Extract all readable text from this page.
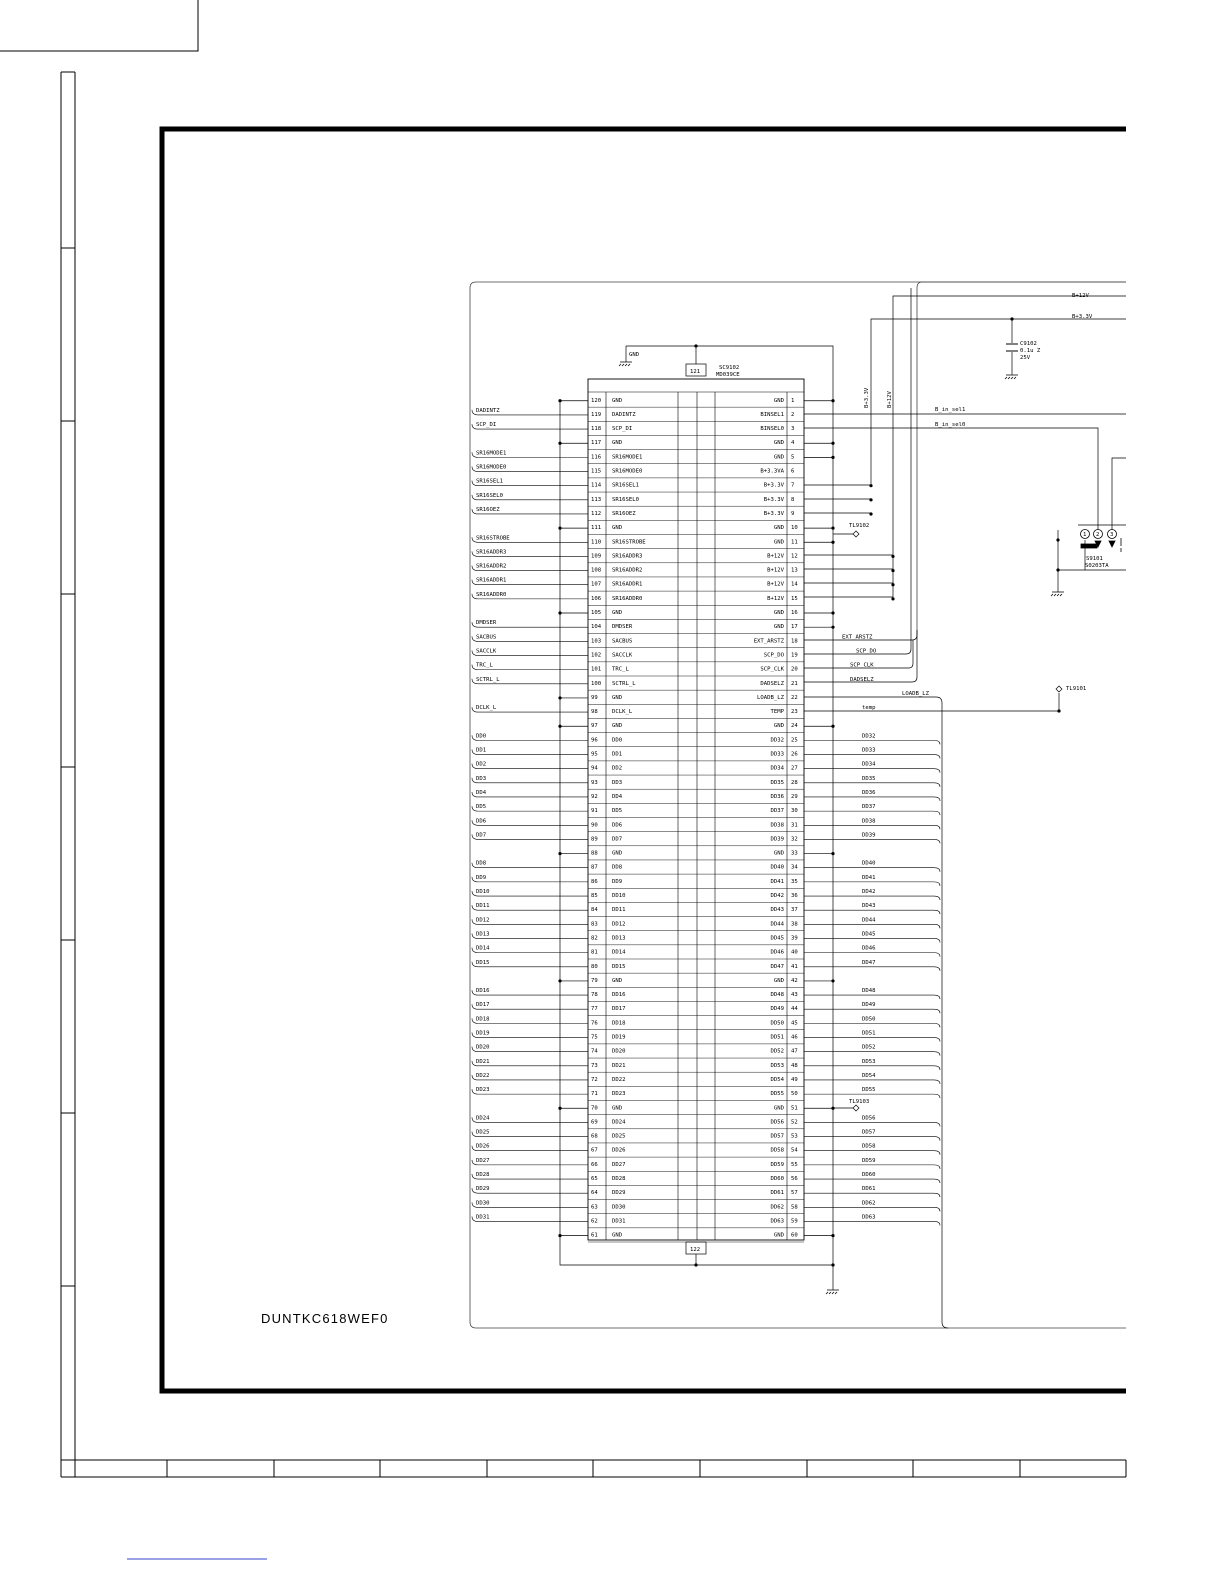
121
122
SC9102
MD039CE
120 GND	GND 1
119 DADINTZ	BINSEL1 2
118 SCP_DI	BINSEL0 3
117 GND	GND 4
116 SR16MODE1	GND 5
115 SR16MODE0	B+3.3VA 6
114 SR16SEL1	B+3.3V 7
113 SR16SEL0	B+3.3V 8
112 SR16OEZ	B+3.3V 9
111 GND	GND 10
110 SR16STROBE	GND 11
109 SR16ADDR3	B+12V 12
108 SR16ADDR2	B+12V 13
107 SR16ADDR1	B+12V 14
106 SR16ADDR0	B+12V 15
105 GND	GND 16
104 DMDSER	GND 17
103 SACBUS	EXT_ARSTZ 18
102 SACCLK	SCP_DO 19
101 TRC_L	SCP_CLK 20
100 SCTRL_L	DADSELZ 21
99	GND	LOADB_LZ 22
98	DCLK_L	TEMP 23
97	GND	GND 24
96	DD0	DD32 25
95	DD1	DD33 26
94	DD2	DD34 27
93	DD3	DD35 28
92	DD4	DD36 29
91	DD5	DD37 30
90	DD6	DD38 31
89	DD7	DD39 32
88	GND	GND 33
87	DD8	DD40 34
86	DD9	DD41 35
85	DD10	DD42 36
84	DD11	DD43 37
83	DD12	DD44 38
82	DD13	DD45 39
81	DD14	DD46 40
80	DD15	DD47 41
79	GND	GND 42
78	DD16	DD48 43
77	DD17	DD49 44
76	DD18	DD50 45
75	DD19	DD51 46
74	DD20	DD52 47
73	DD21	DD53 48
72	DD22	DD54 49
71	DD23	DD55 50
70	GND	GND 51
69	DD24	DD56 52
68	DD25	DD57 53
67	DD26	DD58 54
66	DD27	DD59 55
65	DD28	DD60 56
64	DD29	DD61 57
63	DD30	DD62 58
62	DD31	DD63 59
61	GND	GND 60
GND
C9102
0.1u Z
25V
1 2 3
S9101
S0203TA
TL9102
TL9103
TL9101
B+12V
B+3.3V
B+3.3V	B+12V
B_in_sel1
B_in_sel0
DADINTZ
SCP_DI
SR16MODE1
SR16MODE0
SR16SEL1
SR16SEL0
SR16OEZ
SR16STROBE
SR16ADDR3
SR16ADDR2
SR16ADDR1
SR16ADDR0
DMDSER
SACBUS
SACCLK
TRC_L
SCTRL_L
DCLK_L
DD0
DD1
DD2
DD3
DD4
DD5
DD6
DD7
DD8
DD9
DD10
DD11
DD12
DD13
DD14
DD15
DD16
DD17
DD18
DD19
DD20
DD21
DD22
DD23
DD24
DD25
DD26
DD27
DD28
DD29
DD30
DD31
EXT_ARSTZ
SCP_DO
SCP_CLK
DADSELZ
LOADB_LZ
temp
DD32
DD33
DD34
DD35
DD36
DD37
DD38
DD39
DD40
DD41
DD42
DD43
DD44
DD45
DD46
DD47
DD48
DD49
DD50
DD51
DD52
DD53
DD54
DD55
DD56
DD57
DD58
DD59
DD60
DD61
DD62
DD63
DUNTKC618WEF0
